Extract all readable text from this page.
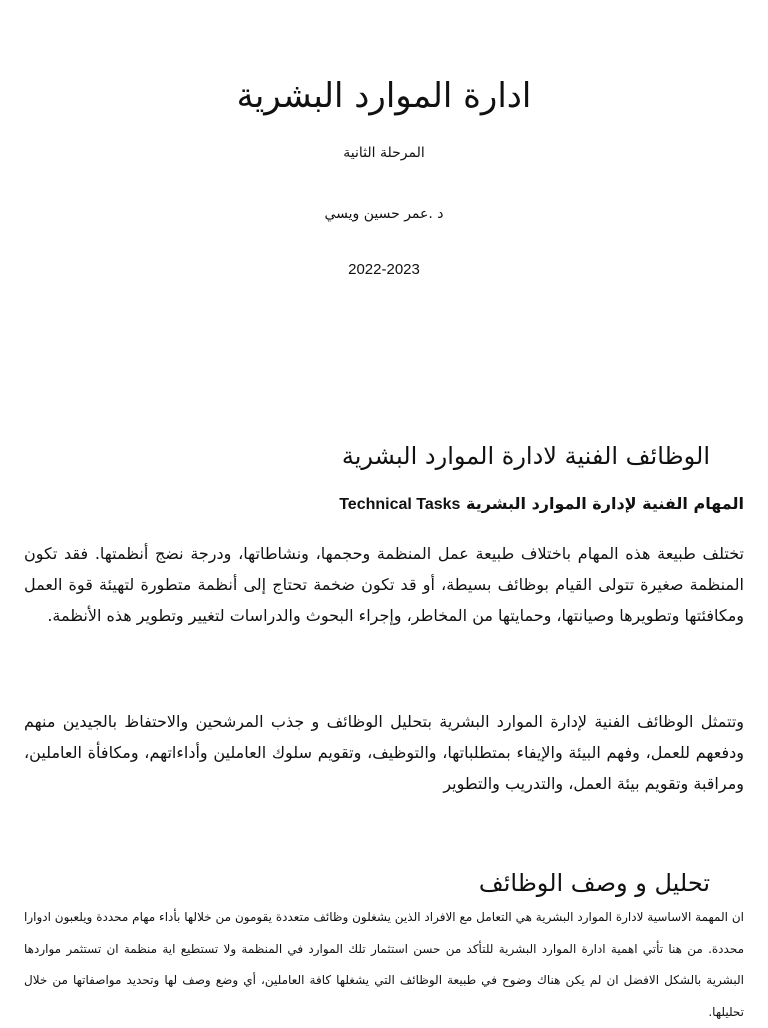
ادارة الموارد البشرية
المرحلة الثانية
د .عمر حسين ويسي
2022-2023
الوظائف الفنية لادارة الموارد البشرية

المهام الفنية لإدارة الموارد البشرية Technical Tasks

تختلف طبيعة هذه المهام باختلاف طبيعة عمل المنظمة وحجمها، ونشاطاتها، ودرجة نضج أنظمتها. فقد تكون المنظمة صغيرة تتولى القيام بوظائف بسيطة، أو قد تكون ضخمة تحتاج إلى أنظمة متطورة لتهيئة قوة العمل ومكافئتها وتطويرها وصيانتها، وحمايتها من المخاطر، وإجراء البحوث والدراسات لتغيير وتطوير هذه الأنظمة.

وتتمثل الوظائف الفنية لإدارة الموارد البشرية بتحليل الوظائف و جذب المرشحين والاحتفاظ بالجيدين منهم ودفعهم للعمل، وفهم البيئة والإيفاء بمتطلباتها، والتوظيف، وتقويم سلوك العاملين وأداءاتهم، ومكافأة العاملين، ومراقبة وتقويم بيئة العمل، والتدريب والتطوير

تحليل و وصف الوظائف

ان المهمة الاساسية لادارة الموارد البشرية هي التعامل مع الافراد الذين يشغلون وظائف متعددة يقومون من خلالها بأداء مهام محددة ويلعبون ادوارا محددة. من هنا تأتي اهمية ادارة الموارد البشرية للتأكد من حسن استثمار تلك الموارد في المنظمة ولا تستطيع اية منظمة ان تستثمر مواردها البشرية بالشكل الافضل ان لم يكن هناك وضوح في طبيعة الوظائف التي يشغلها كافة العاملين، أي وضع وصف لها وتحديد مواصفاتها من خلال تحليلها.
